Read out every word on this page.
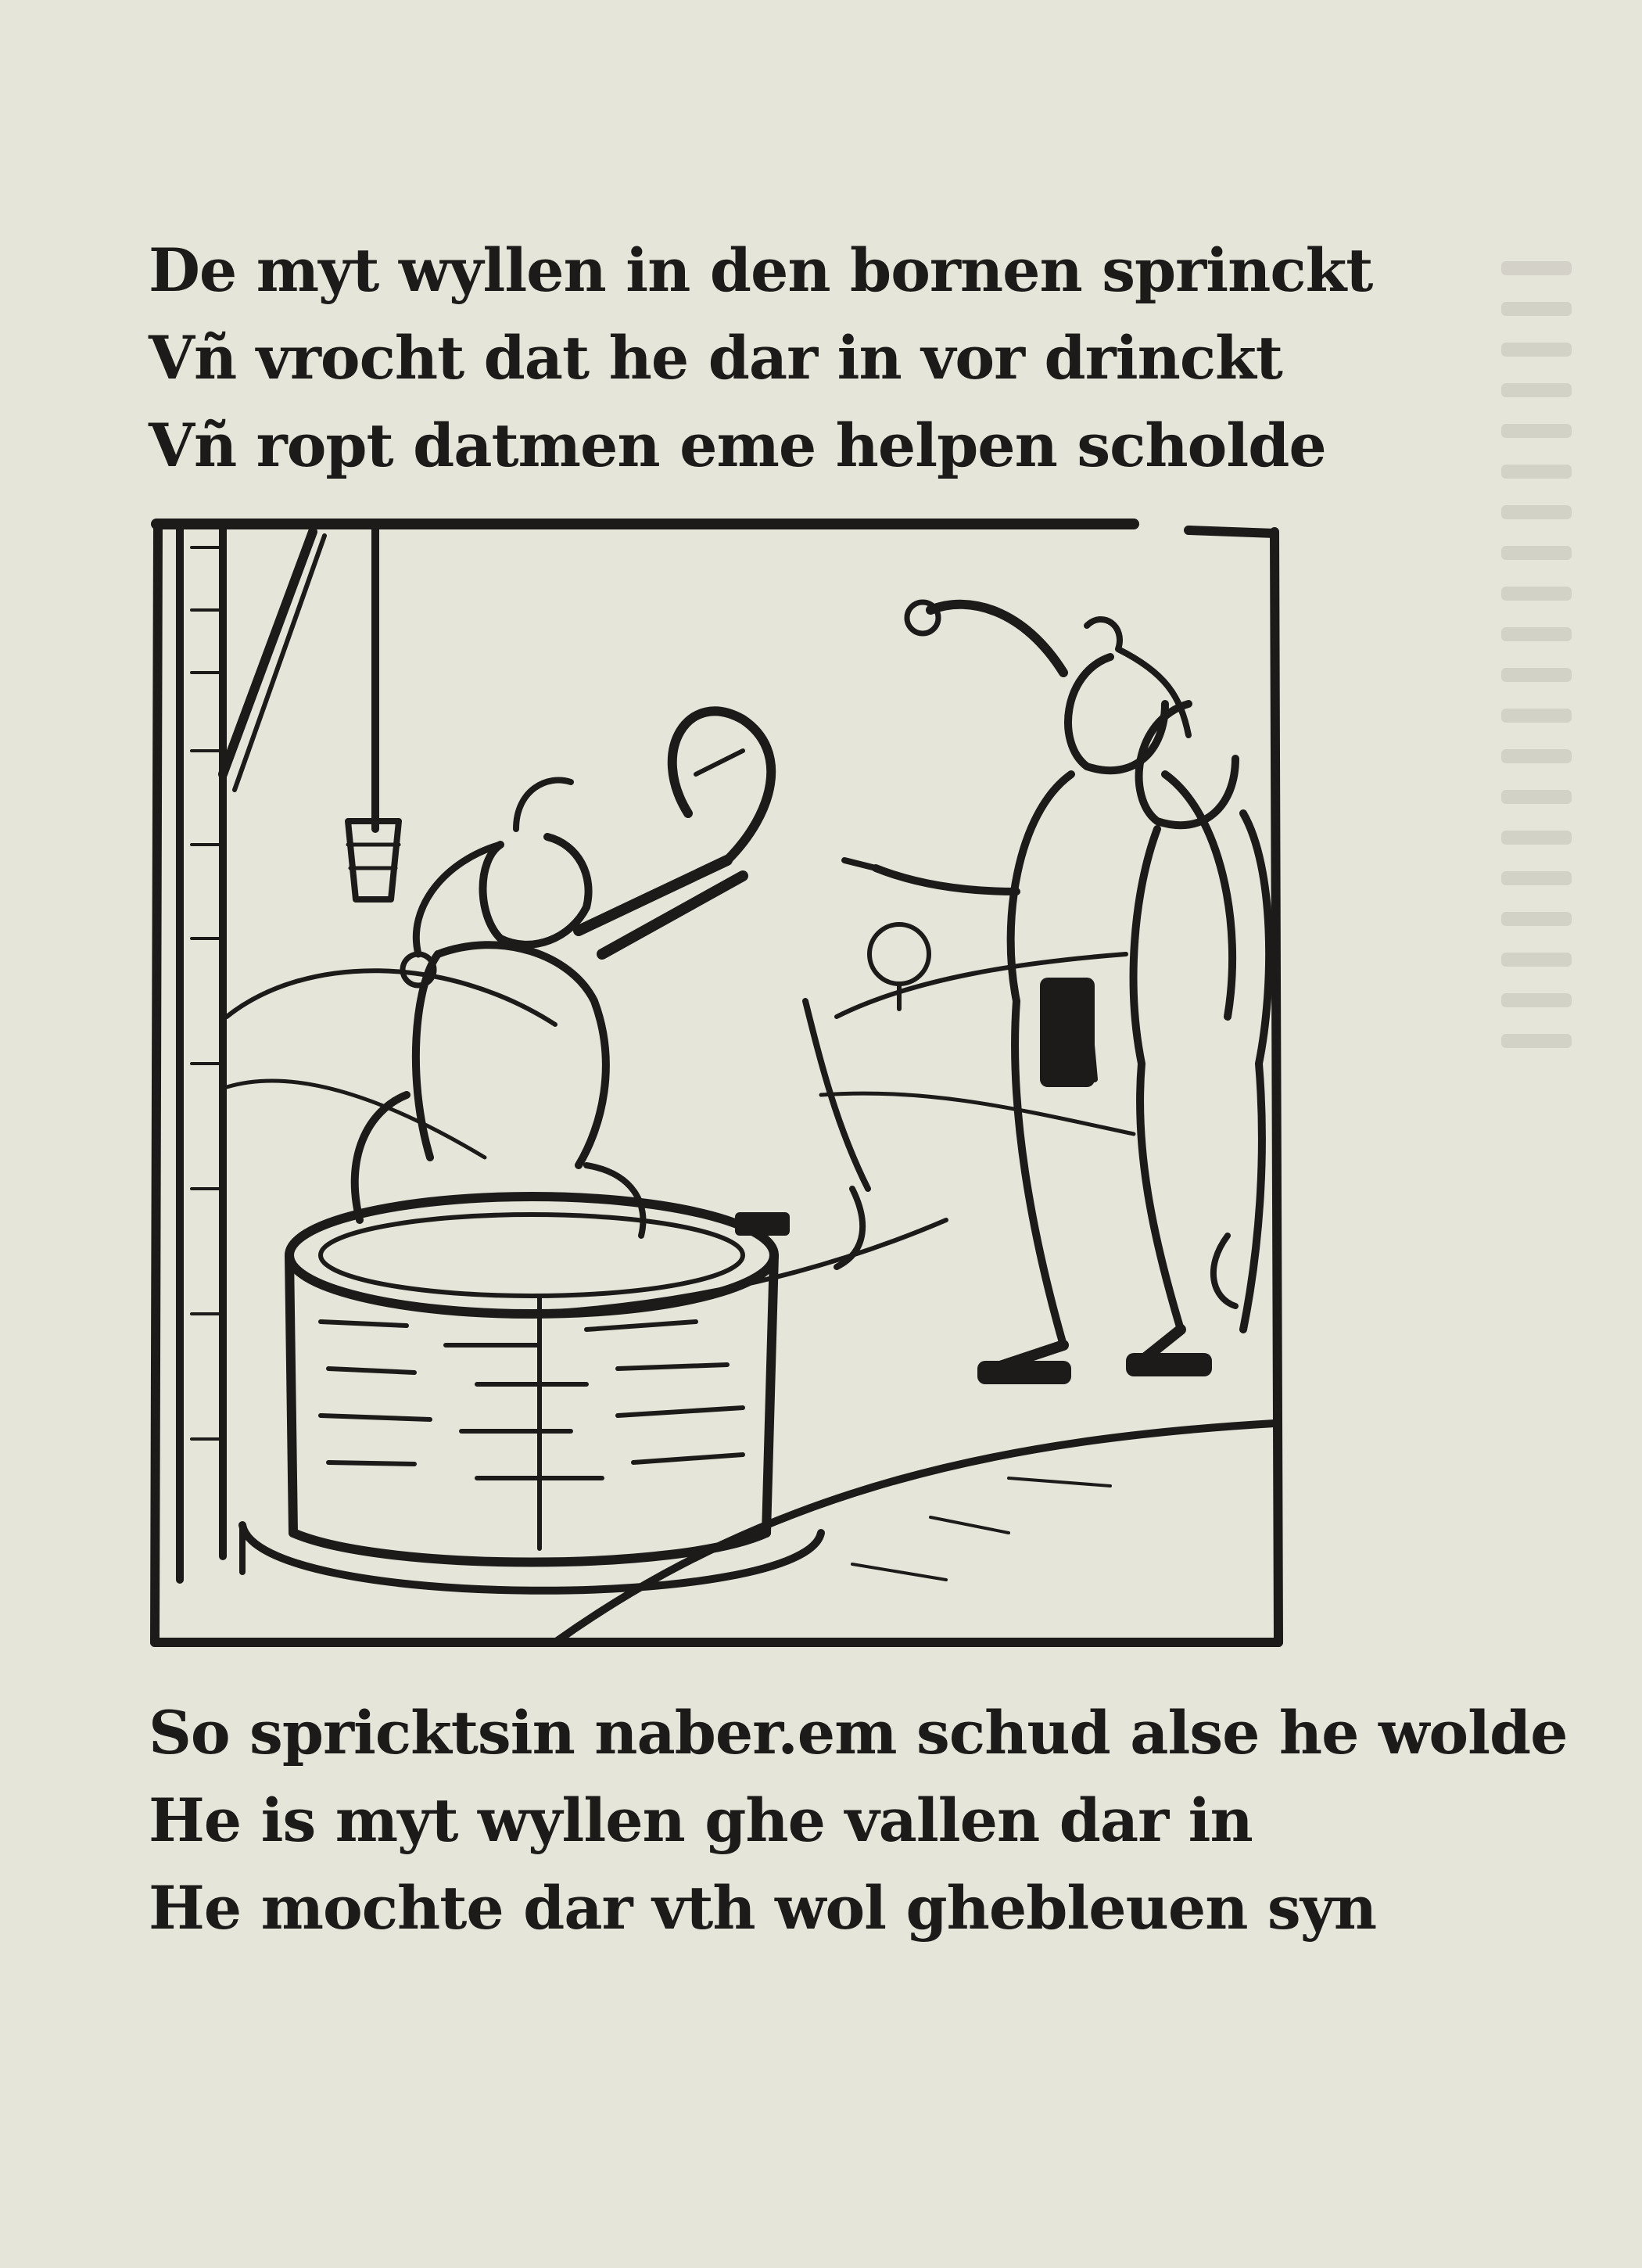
De myt wyllen in den bornen sprinckt
Vñ vrocht dat he dar in vor drinckt
Vñ ropt datmen eme helpen scholde
So spricktsin naber.em schud alse he wolde
He is myt wyllen ghe vallen dar in
He mochte dar vth wol ghebleuen syn
